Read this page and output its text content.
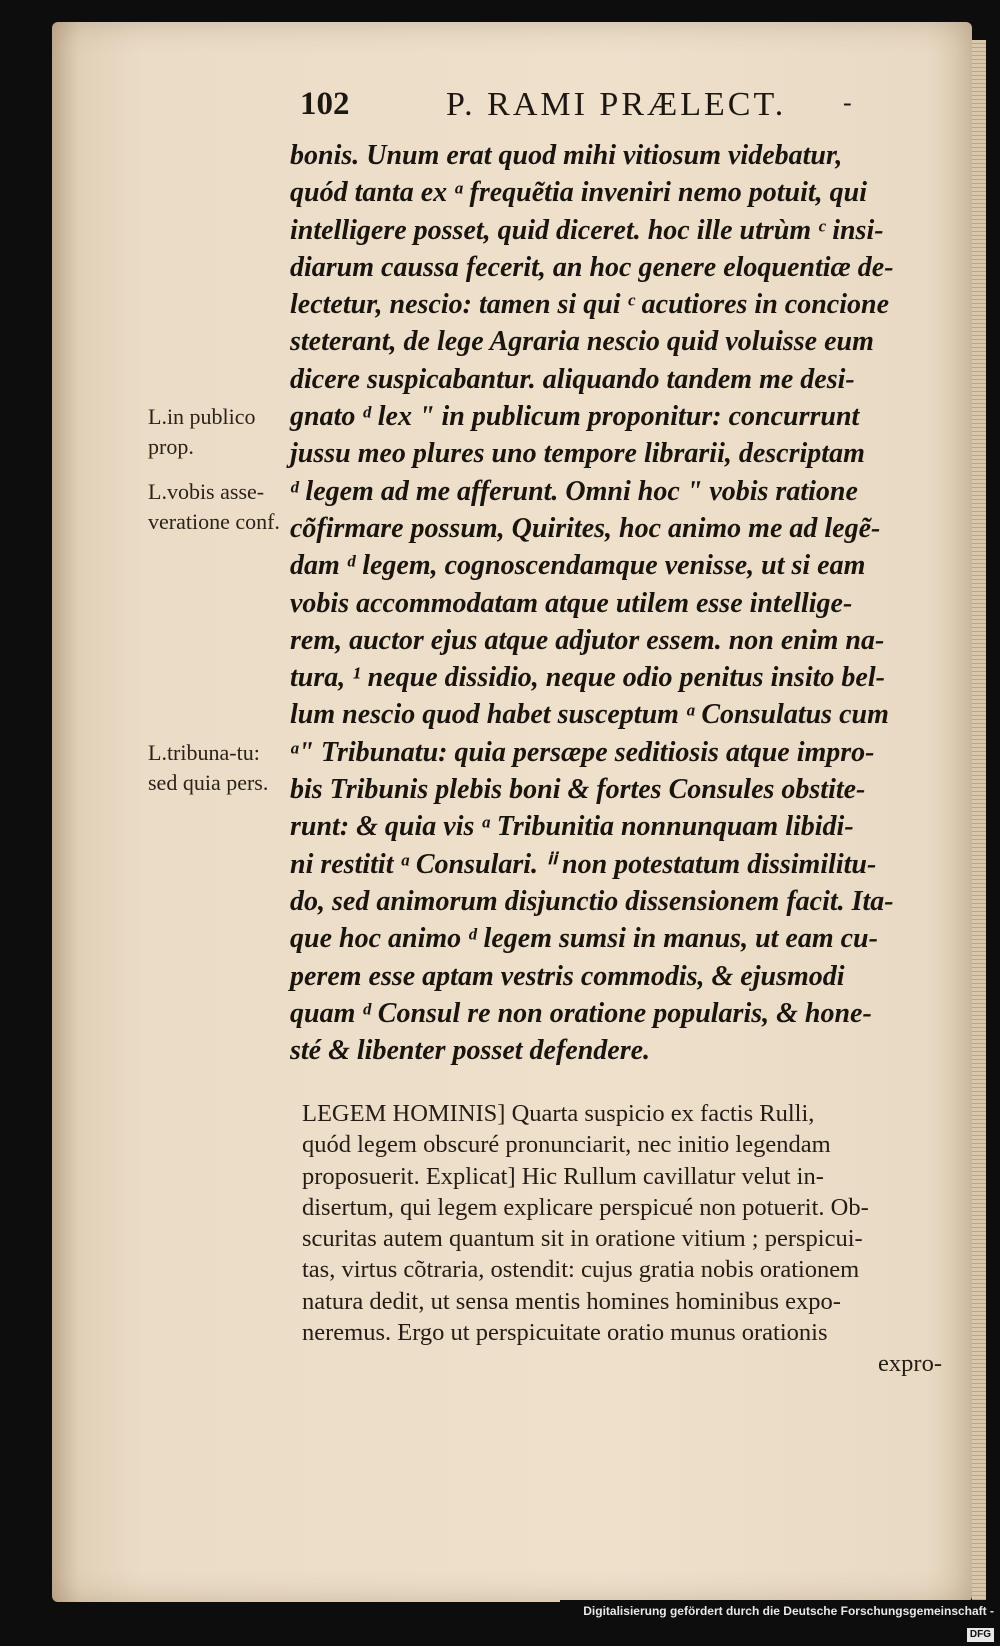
102	P. RAMI PRÆLECT. -
bonis. Unum erat quod mihi vitiosum videbatur,
quód tanta ex ᵃ frequẽtia inveniri nemo potuit, qui
intelligere posset, quid diceret. hoc ille utrùm ᶜ insi-
diarum caussa fecerit, an hoc genere eloquentiæ de-
lectetur, nescio: tamen si qui ᶜ acutiores in concione
steterant, de lege Agraria nescio quid voluisse eum
dicere suspicabantur. aliquando tandem me desi-
gnato ᵈ lex ʺ in publicum proponitur: concurrunt
jussu meo plures uno tempore librarii, descriptam
ᵈ legem ad me afferunt. Omni hoc ʺ vobis ratione
cõfirmare possum, Quirites, hoc animo me ad legẽ-
dam ᵈ legem, cognoscendamque venisse, ut si eam
vobis accommodatam atque utilem esse intellige-
rem, auctor ejus atque adjutor essem. non enim na-
tura, ¹ neque dissidio, neque odio penitus insito bel-
lum nescio quod habet susceptum ᵃ Consulatus cum
ᵃʺ Tribunatu: quia persæpe seditiosis atque impro-
bis Tribunis plebis boni & fortes Consules obstite-
runt: & quia vis ᵃ Tribunitia nonnunquam libidi-
ni restitit ᵃ Consulari. ⁱⁱ non potestatum dissimilitu-
do, sed animorum disjunctio dissensionem facit. Ita-
que hoc animo ᵈ legem sumsi in manus, ut eam cu-
perem esse aptam vestris commodis, & ejusmodi
quam ᵈ Consul re non oratione popularis, & hone-
sté & libenter posset defendere.
L.in publico prop.
L.vobis asse-veratione conf.
L.tribuna-tu: sed quia pers.
LEGEM HOMINIS] Quarta suspicio ex factis Rulli,
quód legem obscuré pronunciarit, nec initio legendam
proposuerit. Explicat] Hic Rullum cavillatur velut in-
disertum, qui legem explicare perspicué non potuerit. Ob-
scuritas autem quantum sit in oratione vitium ; perspicui-
tas, virtus cõtraria, ostendit: cujus gratia nobis orationem
natura dedit, ut sensa mentis homines hominibus expo-
neremus. Ergo ut perspicuitate oratio munus orationis
expro-
Digitalisierung gefördert durch die Deutsche Forschungsgemeinschaft - DFG
